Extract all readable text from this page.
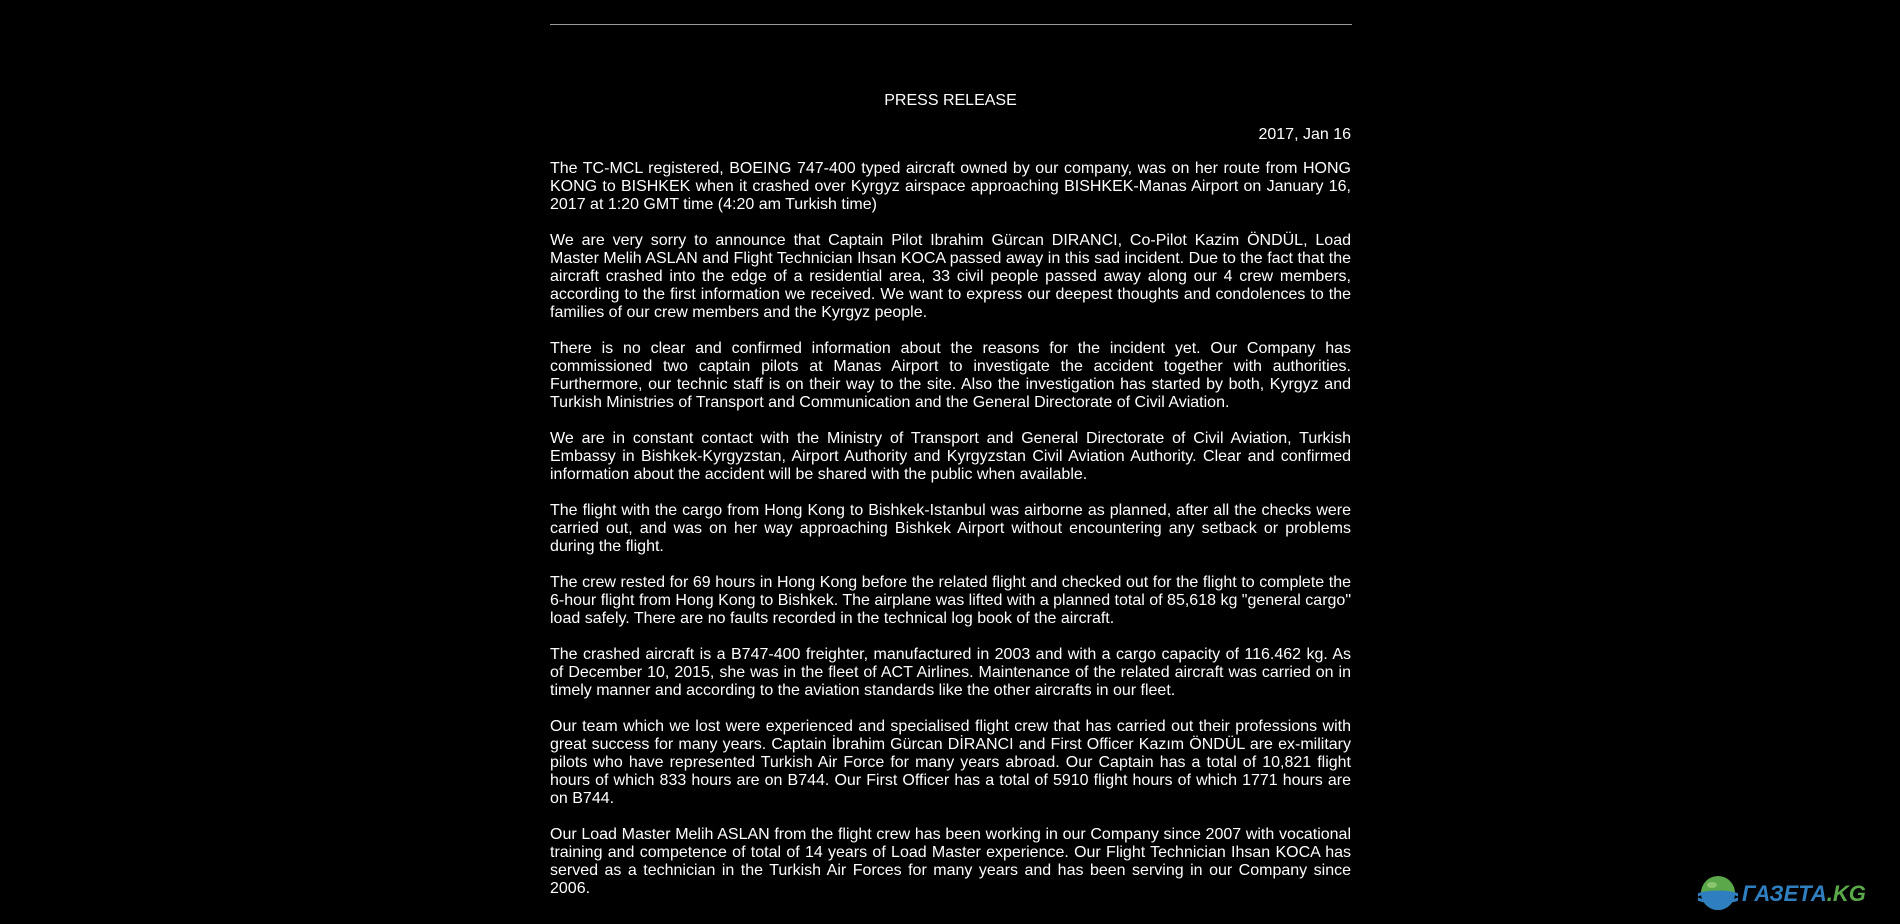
PRESS RELEASE
2017, Jan 16

The TC-MCL registered, BOEING 747-400 typed aircraft owned by our company, was on her route from HONG KONG to BISHKEK when it crashed over Kyrgyz airspace approaching BISHKEK-Manas Airport on January 16, 2017 at 1:20 GMT time (4:20 am Turkish time)

We are very sorry to announce that Captain Pilot Ibrahim Gürcan DIRANCI, Co-Pilot Kazim ÖNDÜL, Load Master Melih ASLAN and Flight Technician Ihsan KOCA passed away in this sad incident. Due to the fact that the aircraft crashed into the edge of a residential area, 33 civil people passed away along our 4 crew members, according to the first information we received. We want to express our deepest thoughts and condolences to the families of our crew members and the Kyrgyz people.

There is no clear and confirmed information about the reasons for the incident yet. Our Company has commissioned two captain pilots at Manas Airport to investigate the accident together with authorities. Furthermore, our technic staff is on their way to the site. Also the investigation has started by both, Kyrgyz and Turkish Ministries of Transport and Communication and the General Directorate of Civil Aviation.

We are in constant contact with the Ministry of Transport and General Directorate of Civil Aviation, Turkish Embassy in Bishkek-Kyrgyzstan, Airport Authority and Kyrgyzstan Civil Aviation Authority. Clear and confirmed information about the accident will be shared with the public when available.

The flight with the cargo from Hong Kong to Bishkek-Istanbul was airborne as planned, after all the checks were carried out, and was on her way approaching Bishkek Airport without encountering any setback or problems during the flight.

The crew rested for 69 hours in Hong Kong before the related flight and checked out for the flight to complete the 6-hour flight from Hong Kong to Bishkek. The airplane was lifted with a planned total of 85,618 kg "general cargo" load safely. There are no faults recorded in the technical log book of the aircraft.

The crashed aircraft is a B747-400 freighter, manufactured in 2003 and with a cargo capacity of 116.462 kg. As of December 10, 2015, she was in the fleet of ACT Airlines. Maintenance of the related aircraft was carried on in timely manner and according to the aviation standards like the other aircrafts in our fleet.

Our team which we lost were experienced and specialised flight crew that has carried out their professions with great success for many years. Captain İbrahim Gürcan DİRANCI and First Officer Kazım ÖNDÜL are ex-military pilots who have represented Turkish Air Force for many years abroad. Our Captain has a total of 10,821 flight hours of which 833 hours are on B744. Our First Officer has a total of 5910 flight hours of which 1771 hours are on B744.

Our Load Master Melih ASLAN from the flight crew has been working in our Company since 2007 with vocational training and competence of total of 14 years of Load Master experience. Our Flight Technician Ihsan KOCA has served as a technician in the Turkish Air Forces for many years and has been serving in our Company since 2006.	ГАЗЕТА.KG
